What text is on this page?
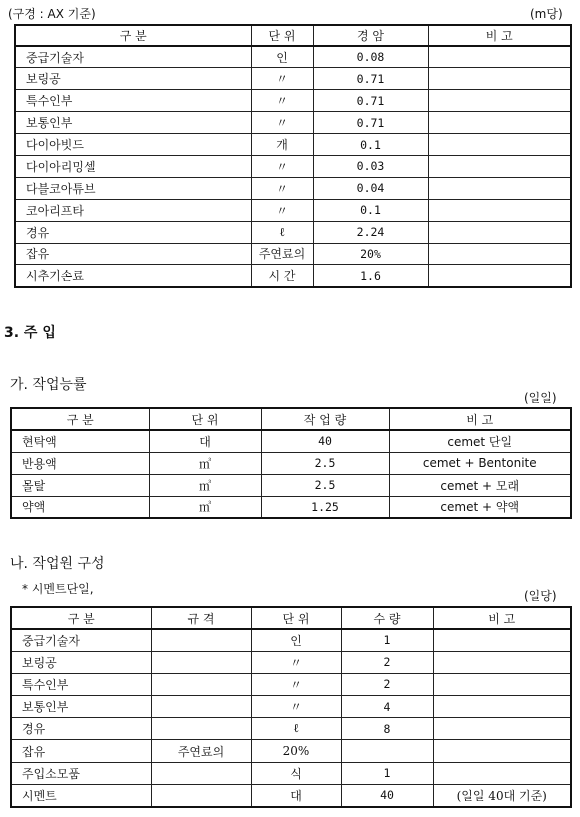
(구경 : AX 기준)	(m당)
구 분	단 위	경 암	비 고
중급기술자	인	0.08	
보링공	〃	0.71	
특수인부	〃	0.71	
보통인부	〃	0.71	
다이아빗드	개	0.1	
다이아리밍셀	〃	0.03	
다블코아튜브	〃	0.04	
코아리프타	〃	0.1	
경유	ℓ	2.24	
잡유	주연료의	20%	
시추기손료	시 간	1.6	
3. 주 입
가. 작업능률
(일일)
구 분	단 위	작 업 량	비 고
현탁액	대	40	cemet 단일
반용액	㎥	2.5	cemet + Bentonite
몰탈	㎥	2.5	cemet + 모래
약액	㎥	1.25	cemet + 약액
나. 작업원 구성
* 시멘트단일,	(일당)
구 분	규 격	단 위	수 량	비 고
중급기술자		인	1	
보링공		〃	2	
특수인부		〃	2	
보통인부		〃	4	
경유		ℓ	8	
잡유	주연료의	20%		
주입소모품		식	1	
시멘트		대	40	(일일 40대 기준)
